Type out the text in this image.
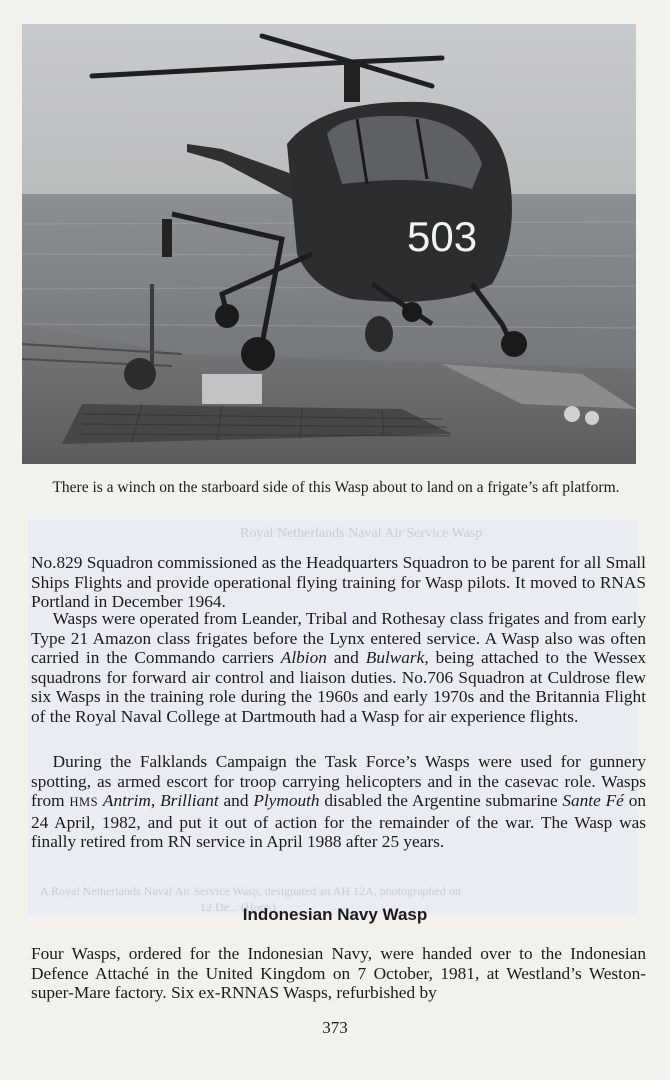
Royal Netherlands Naval Air Service Wasp
A Royal Netherlands Naval Air Service Wasp, designated an AH 12A, photographed on
12 De... (Hook)
503
There is a winch on the starboard side of this Wasp about to land on a frigate’s aft platform.

No.829 Squadron commissioned as the Headquarters Squadron to be parent for all Small Ships Flights and provide operational flying training for Wasp pilots. It moved to RNAS Portland in December 1964.

Wasps were operated from Leander, Tribal and Rothesay class frigates and from early Type 21 Amazon class frigates before the Lynx entered service. A Wasp also was often carried in the Commando carriers Albion and Bulwark, being attached to the Wessex squadrons for forward air control and liaison duties. No.706 Squadron at Culdrose flew six Wasps in the training role during the 1960s and early 1970s and the Britannia Flight of the Royal Naval College at Dartmouth had a Wasp for air experience flights.

During the Falklands Campaign the Task Force’s Wasps were used for gunnery spotting, as armed escort for troop carrying helicopters and in the casevac role. Wasps from HMS Antrim, Brilliant and Plymouth disabled the Argentine submarine Sante Fé on 24 April, 1982, and put it out of action for the remainder of the war. The Wasp was finally retired from RN service in April 1988 after 25 years.

Indonesian Navy Wasp

Four Wasps, ordered for the Indonesian Navy, were handed over to the Indonesian Defence Attaché in the United Kingdom on 7 October, 1981, at Westland’s Weston-super-Mare factory. Six ex-RNNAS Wasps, refurbished by

373
